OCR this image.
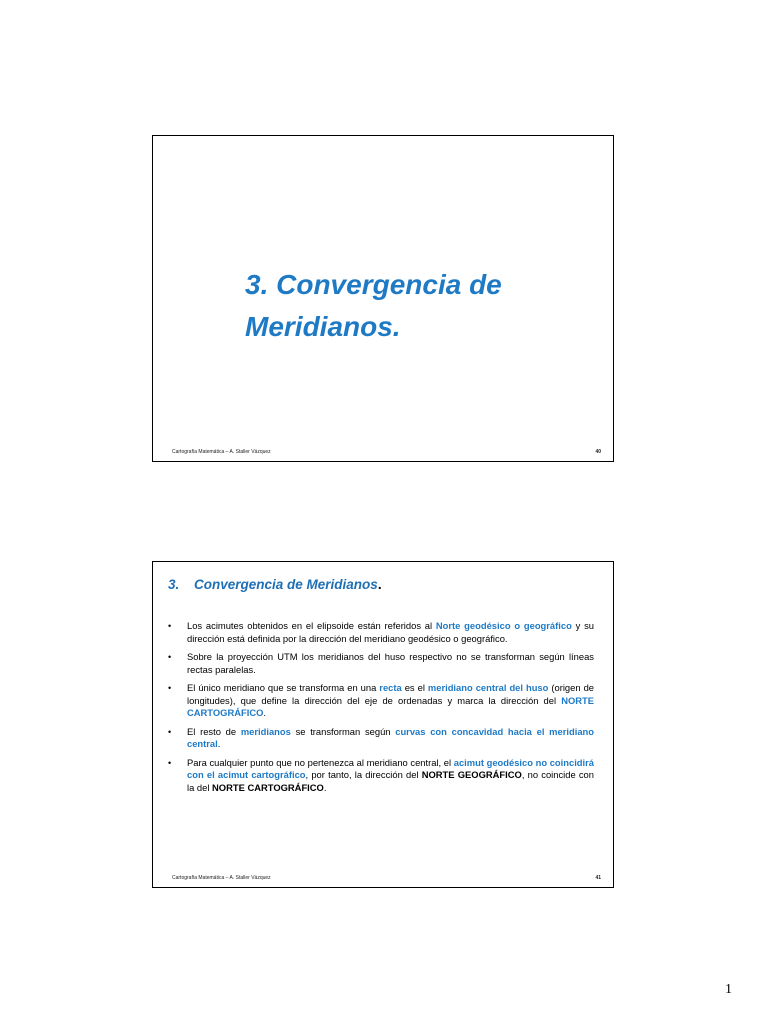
3. Convergencia de
Meridianos.
Cartografía Matemática – A. Staller Vázquez	40
3.	Convergencia de Meridianos.
•	Los acimutes obtenidos en el elipsoide están referidos al Norte geodésico o geográfico y su dirección está definida por la dirección del meridiano geodésico o geográfico.
•	Sobre la proyección UTM los meridianos del huso respectivo no se transforman según líneas rectas paralelas.
•	El único meridiano que se transforma en una recta es el meridiano central del huso (origen de longitudes), que define la dirección del eje de ordenadas y marca la dirección del NORTE CARTOGRÁFICO.
•	El resto de meridianos se transforman según curvas con concavidad hacia el meridiano central.
•	Para cualquier punto que no pertenezca al meridiano central, el acimut geodésico no coincidirá con el acimut cartográfico, por tanto, la dirección del NORTE GEOGRÁFICO, no coincide con la del NORTE CARTOGRÁFICO.
Cartografía Matemática – A. Staller Vázquez	41
1
